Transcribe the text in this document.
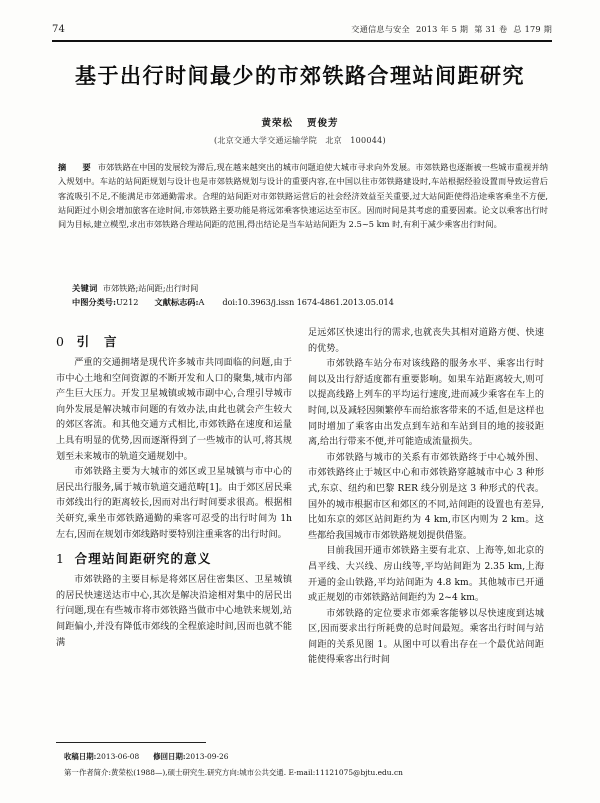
74	交通信息与安全 2013 年 5 期 第 31 卷 总 179 期
基于出行时间最少的市郊铁路合理站间距研究
黄荣松 贾俊芳
(北京交通大学交通运输学院　北京　100044)
摘　要 市郊铁路在中国的发展较为滞后,现在越来越突出的城市问题迫使大城市寻求向外发展。市郊铁路也逐渐被一些城市重视并纳入规划中。车站的站间距规划与设计也是市郊铁路规划与设计的重要内容,在中国以往市郊铁路建设时,车站根据经验设置而导致运营后客流吸引不足,不能满足市郊通勤需求。合理的站间距对市郊铁路运营后的社会经济效益至关重要,过大站间距使得沿途乘客乘坐不方便,站间距过小则会增加旅客在途时间,市郊铁路主要功能是将远郊乘客快速运达至市区。因而时间是其考虑的重要因素。论文以乘客出行时间为目标,建立模型,求出市郊铁路合理站间距的范围,得出结论是当车站站间距为 2.5~5 km 时,有利于减少乘客出行时间。
关键词 市郊铁路;站间距;出行时间
中图分类号:U212 文献标志码:A doi:10.3963/j.issn 1674-4861.2013.05.014
0 引　言

严重的交通拥堵是现代许多城市共同面临的问题,由于市中心土地和空间资源的不断开发和人口的聚集,城市内部产生巨大压力。开发卫星城镇或城市副中心,合理引导城市向外发展是解决城市问题的有效办法,由此也就会产生较大的郊区客流。和其他交通方式相比,市郊铁路在速度和运量上具有明显的优势,因而逐渐得到了一些城市的认可,将其规划至未来城市的轨道交通规划中。

市郊铁路主要为大城市的郊区或卫星城镇与市中心的居民出行服务,属于城市轨道交通范畴[1]。由于郊区居民乘市郊线出行的距离较长,因而对出行时间要求很高。根据相关研究,乘坐市郊铁路通勤的乘客可忍受的出行时间为 1h 左右,因而在规划市郊线路时要特别注重乘客的出行时间。

1 合理站间距研究的意义

市郊铁路的主要目标是将郊区居住密集区、卫星城镇的居民快速送达市中心,其次是解决沿途相对集中的居民出行问题,现在有些城市将市郊铁路当做市中心地铁来规划,站间距偏小,并没有降低市郊线的全程旅途时间,因而也就不能满

足远郊区快速出行的需求,也就丧失其相对道路方便、快速的优势。

市郊铁路车站分布对该线路的服务水平、乘客出行时间以及出行舒适度都有重要影响。如果车站距离较大,则可以提高线路上列车的平均运行速度,进而减少乘客在车上的时间,以及减轻因频繁停车而给旅客带来的不适,但是这样也同时增加了乘客由出发点到车站和车站到目的地的接驳距离,给出行带来不便,并可能造成流量损失。

市郊铁路与城市的关系有市郊铁路终于中心城外围、市郊铁路终止于城区中心和市郊铁路穿越城市中心 3 种形式,东京、纽约和巴黎 RER 线分别是这 3 种形式的代表。国外的城市根据市区和郊区的不同,站间距的设置也有差异,比如东京的郊区站间距约为 4 km,市区内则为 2 km。这些都给我国城市市郊铁路规划提供借鉴。

目前我国开通市郊铁路主要有北京、上海等,如北京的昌平线、大兴线、房山线等,平均站间距为 2.35 km,上海开通的金山铁路,平均站间距为 4.8 km。其他城市已开通或正规划的市郊铁路站间距约为 2~4 km。

市郊铁路的定位要求市郊乘客能够以尽快速度到达城区,因而要求出行所耗费的总时间最短。乘客出行时间与站间距的关系见图 1。从图中可以看出存在一个最优站间距能使得乘客出行时间

收稿日期:2013-06-08 修回日期:2013-09-26
第一作者简介:黄荣松(1988—),硕士研究生.研究方向:城市公共交通. E-mail:11121075@bjtu.edu.cn
